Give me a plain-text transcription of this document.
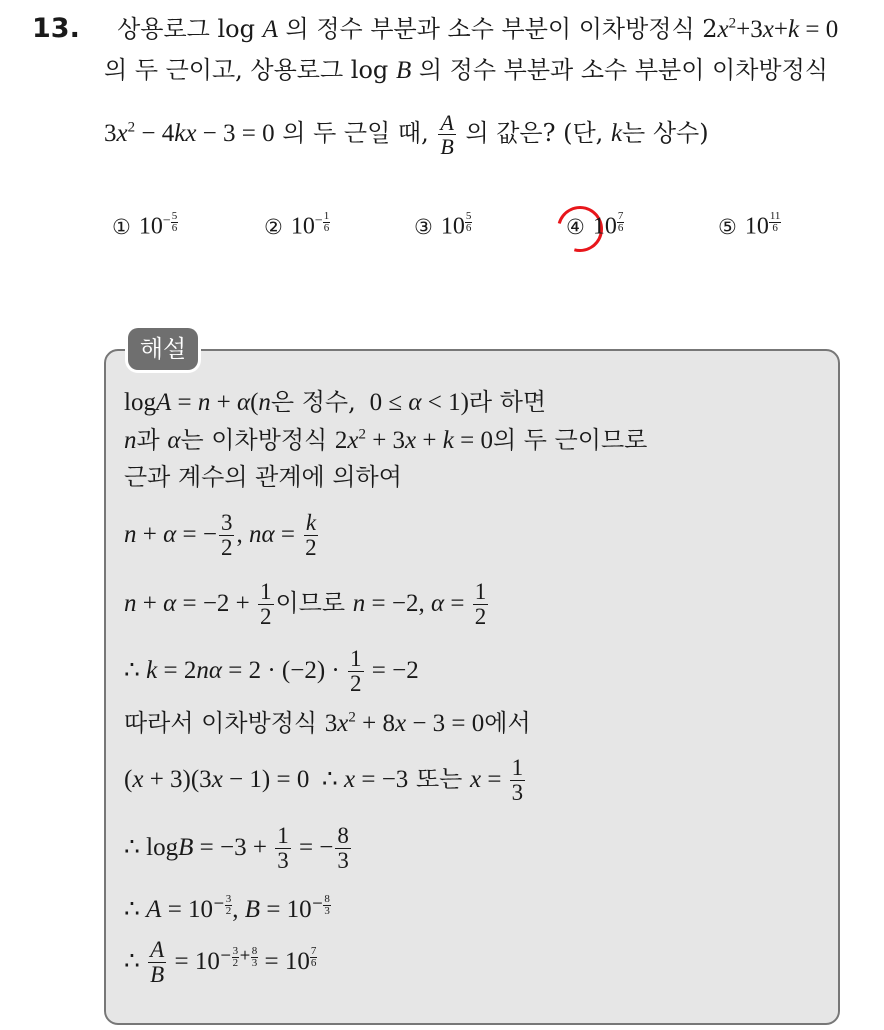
13. 상용로그 log A 의 정수 부분과 소수 부분이 이차방정식 $2x^2+3x+k = 0$
의 두 근이고, 상용로그 log B 의 정수 부분과 소수 부분이 이차방정식
$3x^2 - 4kx - 3 = 0$ 의 두 근일 때, $\frac{A}{B}$ 의 값은? (단, k는 상수)
① $10- \frac{5}{6}$	② $10- \frac{1}{6}$	③ $10 \frac{5}{6}$	④ $10 \frac{7}{6}$	⑤ $10 \frac{11}{6}$
해설
logA = n + α(n은 정수,  0 ≤ α < 1)라 하면
n과 α는 이차방정식 $2x^2 + 3x + k = 0$의 두 근이므로
근과 계수의 관계에 의하여
n + α = − $\frac{3}{2}$ , $n\alpha = \frac{k}{2}$
$n + \alpha = -2 + \frac{1}{2}$ 이므로 n = −2, $\alpha = \frac{1}{2}$
∴ $k = 2n\alpha = 2 \cdot (-2) \cdot \frac{1}{2} = -2$
따라서 이차방정식 $3x^2 + 8x - 3 = 0$에서
(x + 3)(3x − 1) = 0  ∴ x = −3 또는 $x = \frac{1}{3}$
∴ $\log B = -3 + \frac{1}{3}$ = − $\frac{8}{3}$
∴ $A = 10- \frac{3}{2}$ , $B = 10- \frac{8}{3}$
∴ $\frac{A}{B} = 10- \frac{3}{2} + \frac{8}{3} = 10 \frac{7}{6}$
